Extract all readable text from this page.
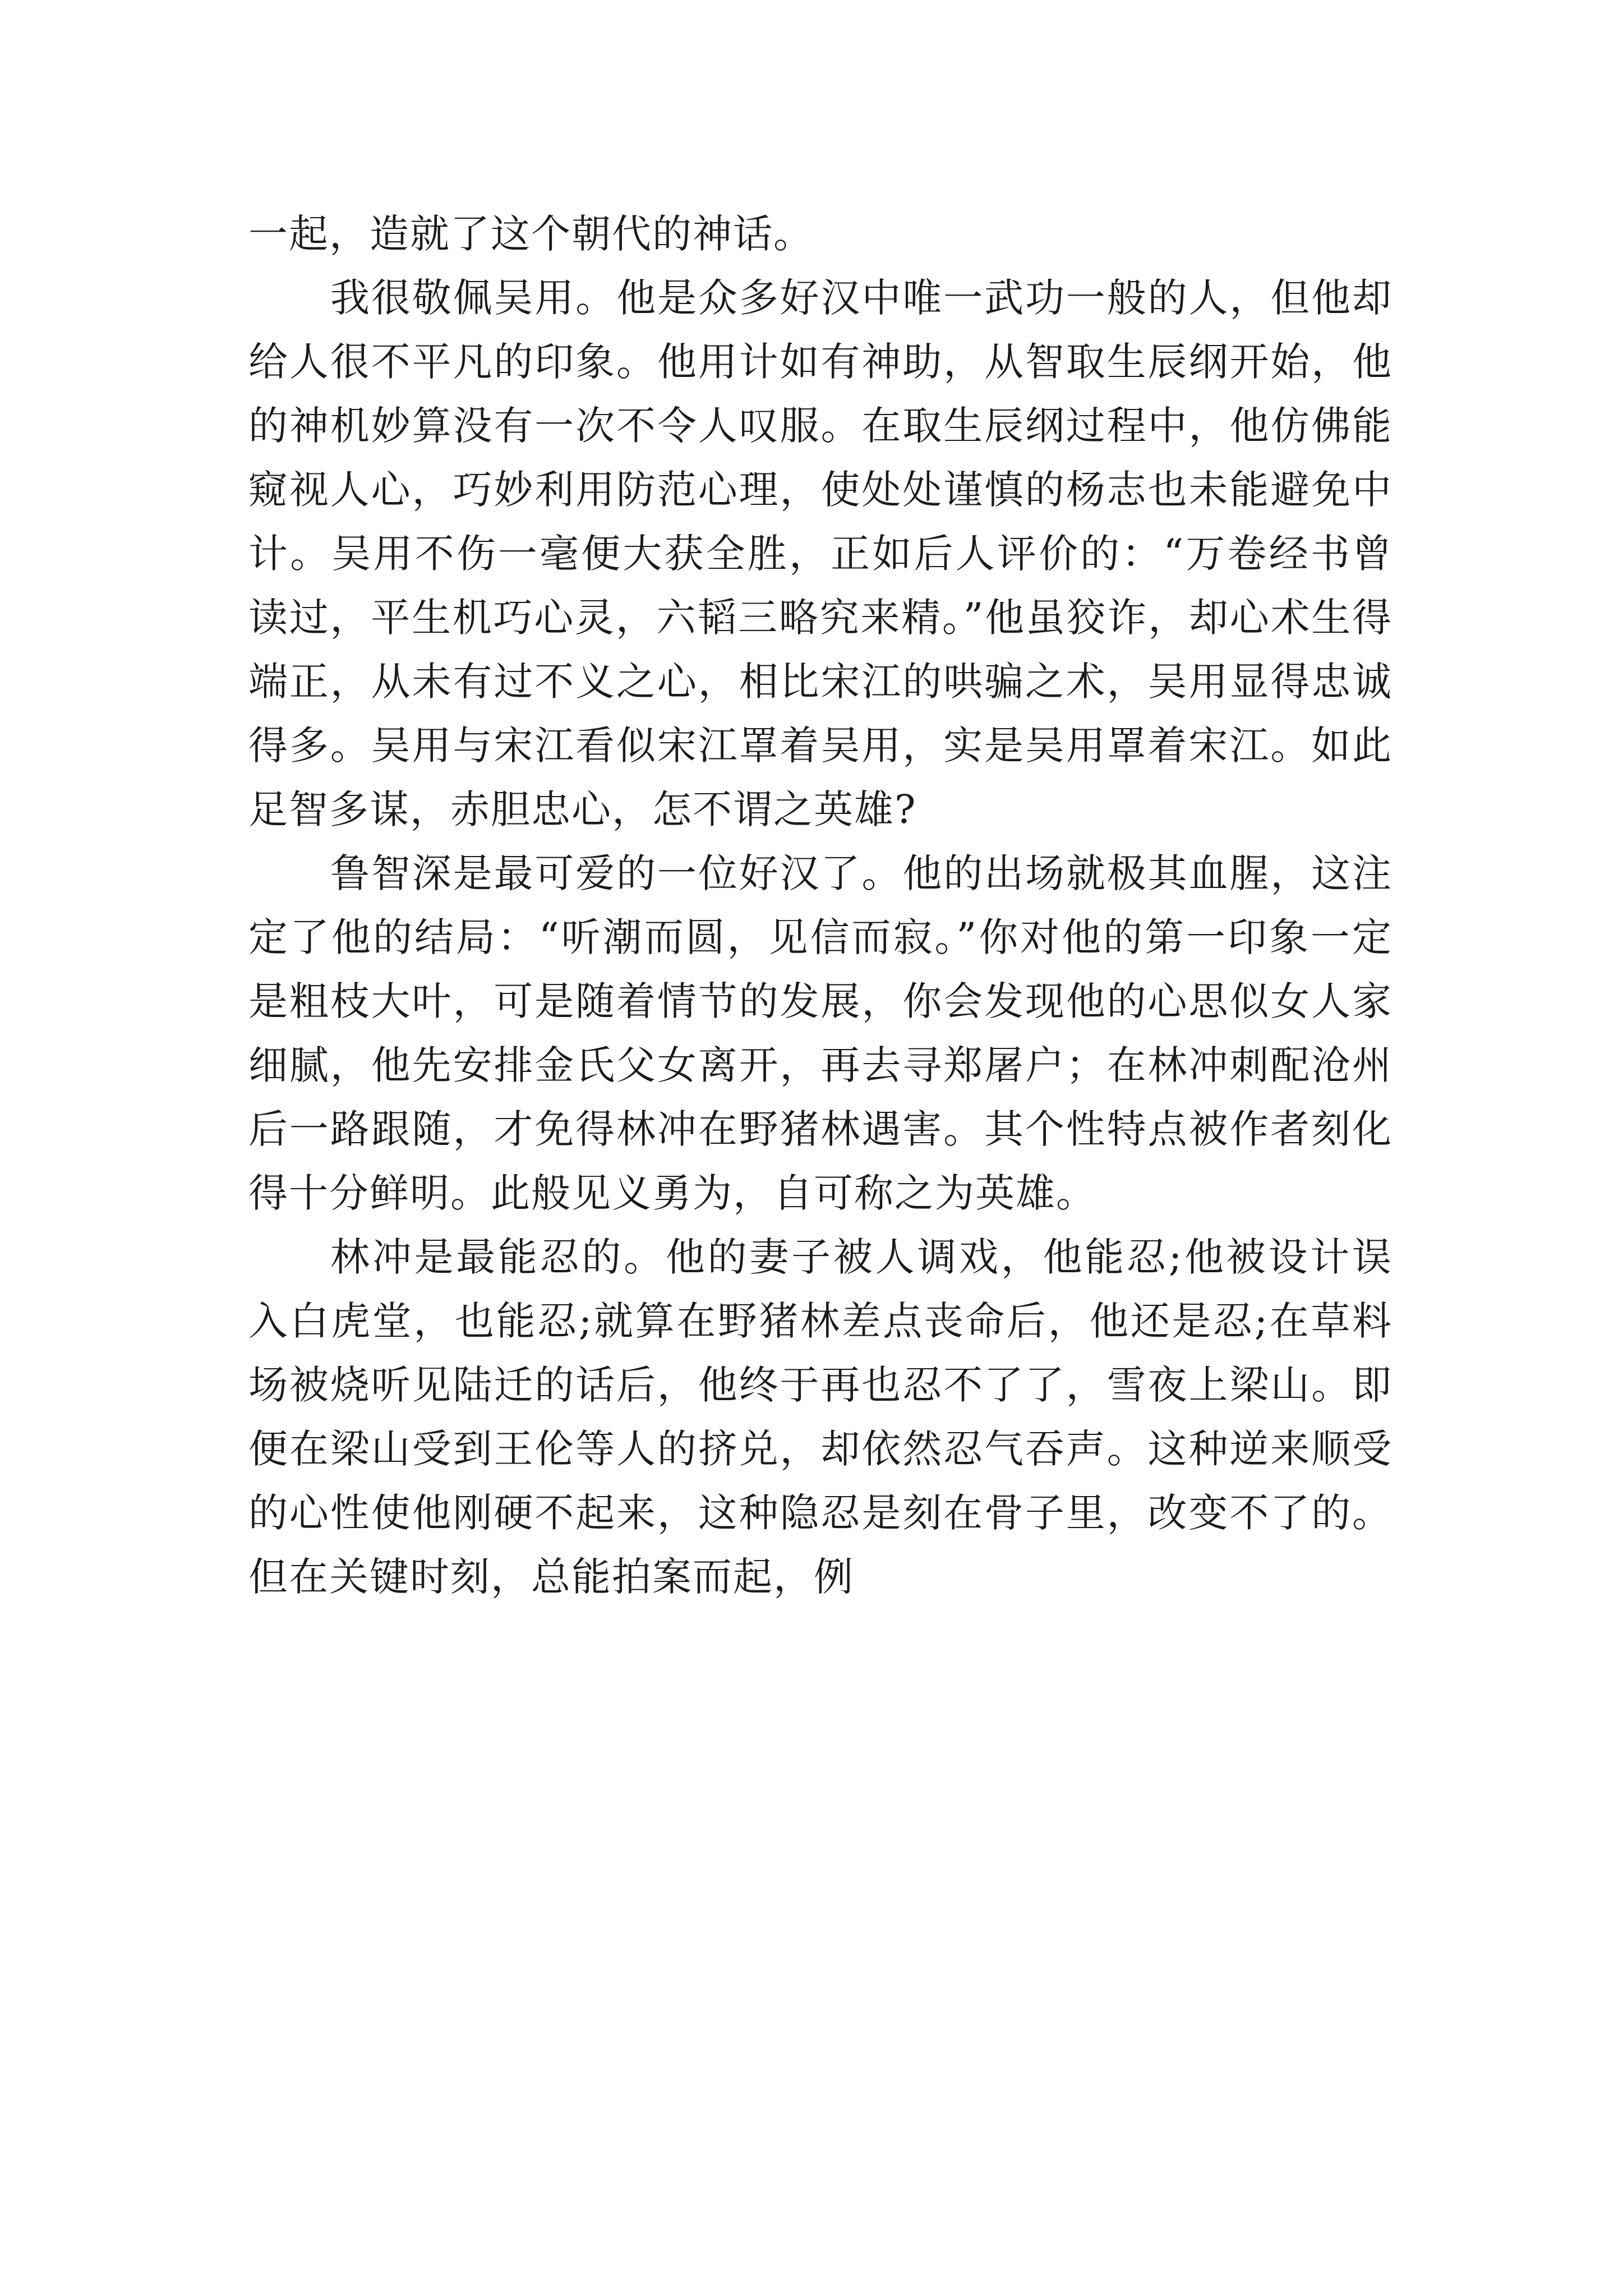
一起，造就了这个朝代的神话。

我很敬佩吴用。他是众多好汉中唯一武功一般的人，但他却给人很不平凡的印象。他用计如有神助，从智取生辰纲开始，他的神机妙算没有一次不令人叹服。在取生辰纲过程中，他仿佛能窥视人心，巧妙利用防范心理，使处处谨慎的杨志也未能避免中计。吴用不伤一毫便大获全胜，正如后人评价的：“万卷经书曾读过，平生机巧心灵，六韬三略究来精。”他虽狡诈，却心术生得端正，从未有过不义之心，相比宋江的哄骗之术，吴用显得忠诚得多。吴用与宋江看似宋江罩着吴用，实是吴用罩着宋江。如此足智多谋，赤胆忠心，怎不谓之英雄?

鲁智深是最可爱的一位好汉了。他的出场就极其血腥，这注定了他的结局：“听潮而圆，见信而寂。”你对他的第一印象一定是粗枝大叶，可是随着情节的发展，你会发现他的心思似女人家细腻，他先安排金氏父女离开，再去寻郑屠户；在林冲刺配沧州后一路跟随，才免得林冲在野猪林遇害。其个性特点被作者刻化得十分鲜明。此般见义勇为，自可称之为英雄。

林冲是最能忍的。他的妻子被人调戏，他能忍;他被设计误入白虎堂，也能忍;就算在野猪林差点丧命后，他还是忍;在草料场被烧听见陆迁的话后，他终于再也忍不了了，雪夜上梁山。即便在梁山受到王伦等人的挤兑，却依然忍气吞声。这种逆来顺受的心性使他刚硬不起来，这种隐忍是刻在骨子里，改变不了的。但在关键时刻，总能拍案而起，例
